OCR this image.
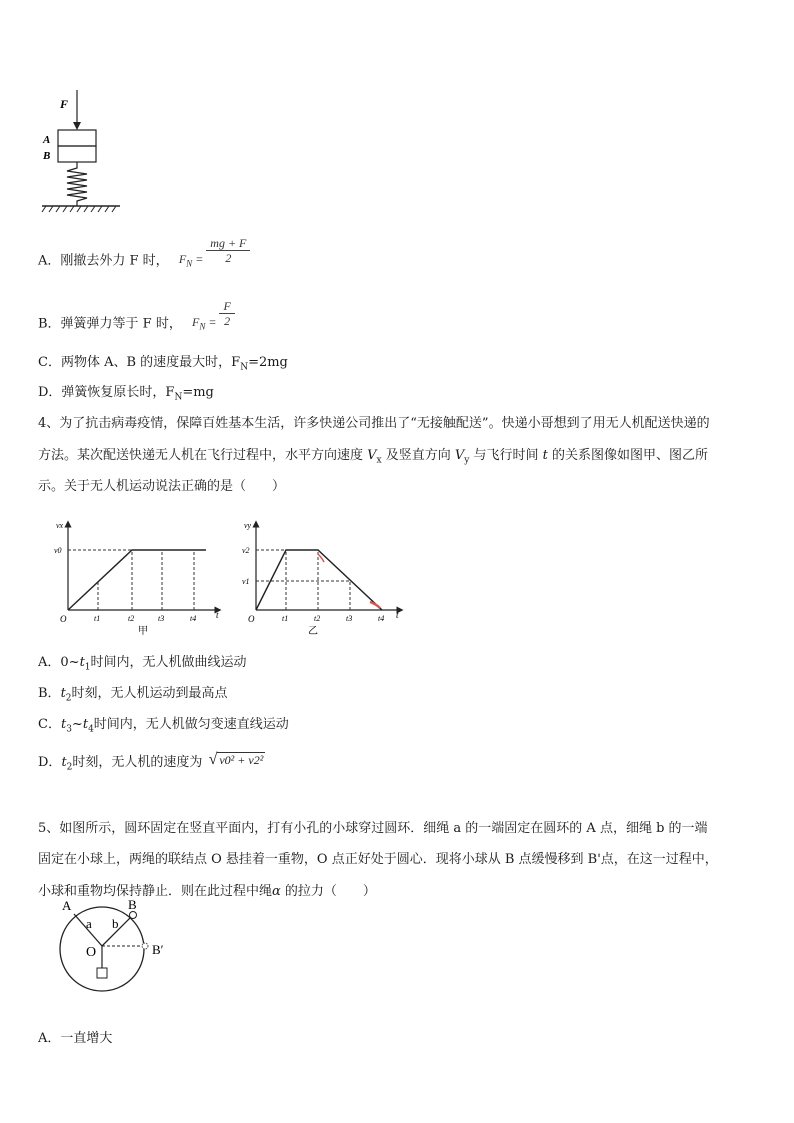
F
A
B
A．刚撤去外力 F 时， $F_N = \frac{mg + F}{2}$
B．弹簧弹力等于 F 时， $F_N = \frac{F}{2}$
C．两物体 A、B 的速度最大时，$F_N=2mg$
D．弹簧恢复原长时，$F_N=mg$
4、为了抗击病毒疫情，保障百姓基本生活，许多快递公司推出了“无接触配送”。快递小哥想到了用无人机配送快递的
方法。某次配送快递无人机在飞行过程中，水平方向速度 $V_x$ 及竖直方向 $V_y$ 与飞行时间 t 的关系图像如图甲、图乙所
示。关于无人机运动说法正确的是（　　）
vx
v0
O	t1	t2	t3	t4 t
甲
vy
v2
v1
O	t1	t2	t3	t4 t
乙
A．$0\sim t_1$时间内，无人机做曲线运动
B．$t_2$时刻，无人机运动到最高点
C．$t_3\sim t_4$时间内，无人机做匀变速直线运动
D．$t_2$时刻，无人机的速度为 √ v0² + v2²
5、如图所示，圆环固定在竖直平面内，打有小孔的小球穿过圆环．细绳 a 的一端固定在圆环的 A 点，细绳 b 的一端
固定在小球上，两绳的联结点 O 悬挂着一重物，O 点正好处于圆心．现将小球从 B 点缓慢移到 B'点，在这一过程中，
小球和重物均保持静止．则在此过程中绳α 的拉力（　　）
A
a b
B
O	B′
A．一直增大
